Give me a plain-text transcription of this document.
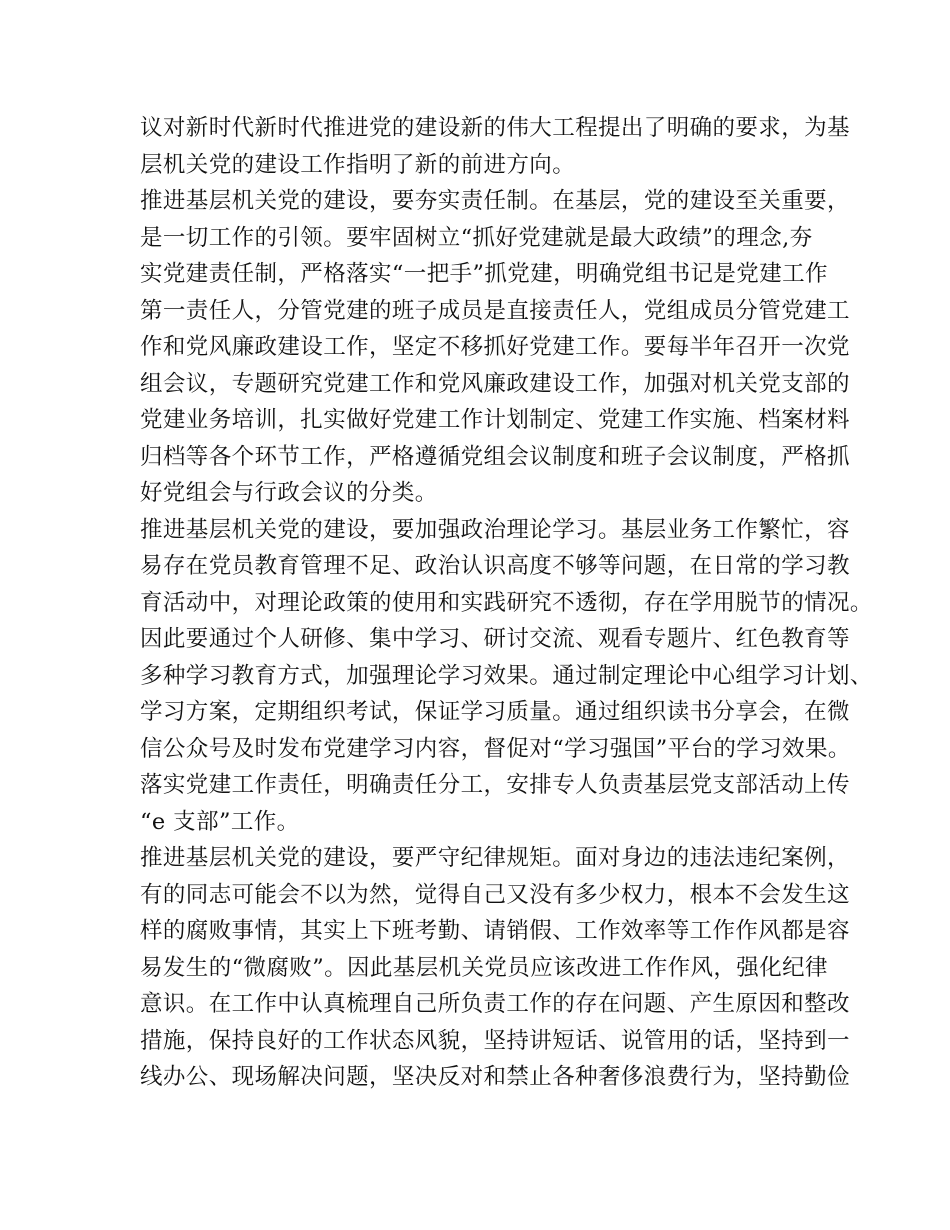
议对新时代新时代推进党的建设新的伟大工程提出了明确的要求，为基
层机关党的建设工作指明了新的前进方向。
推进基层机关党的建设，要夯实责任制。在基层，党的建设至关重要，
是一切工作的引领。要牢固树立“抓好党建就是最大政绩”的理念,夯
实党建责任制，严格落实“一把手”抓党建，明确党组书记是党建工作
第一责任人，分管党建的班子成员是直接责任人，党组成员分管党建工
作和党风廉政建设工作，坚定不移抓好党建工作。要每半年召开一次党
组会议，专题研究党建工作和党风廉政建设工作，加强对机关党支部的
党建业务培训，扎实做好党建工作计划制定、党建工作实施、档案材料
归档等各个环节工作，严格遵循党组会议制度和班子会议制度，严格抓
好党组会与行政会议的分类。
推进基层机关党的建设，要加强政治理论学习。基层业务工作繁忙，容
易存在党员教育管理不足、政治认识高度不够等问题，在日常的学习教
育活动中，对理论政策的使用和实践研究不透彻，存在学用脱节的情况。
因此要通过个人研修、集中学习、研讨交流、观看专题片、红色教育等
多种学习教育方式，加强理论学习效果。通过制定理论中心组学习计划、
学习方案，定期组织考试，保证学习质量。通过组织读书分享会，在微
信公众号及时发布党建学习内容，督促对“学习强国”平台的学习效果。
落实党建工作责任，明确责任分工，安排专人负责基层党支部活动上传
“e 支部”工作。
推进基层机关党的建设，要严守纪律规矩。面对身边的违法违纪案例，
有的同志可能会不以为然，觉得自己又没有多少权力，根本不会发生这
样的腐败事情，其实上下班考勤、请销假、工作效率等工作作风都是容
易发生的“微腐败”。因此基层机关党员应该改进工作作风，强化纪律
意识。在工作中认真梳理自己所负责工作的存在问题、产生原因和整改
措施，保持良好的工作状态风貌，坚持讲短话、说管用的话，坚持到一
线办公、现场解决问题，坚决反对和禁止各种奢侈浪费行为，坚持勤俭
